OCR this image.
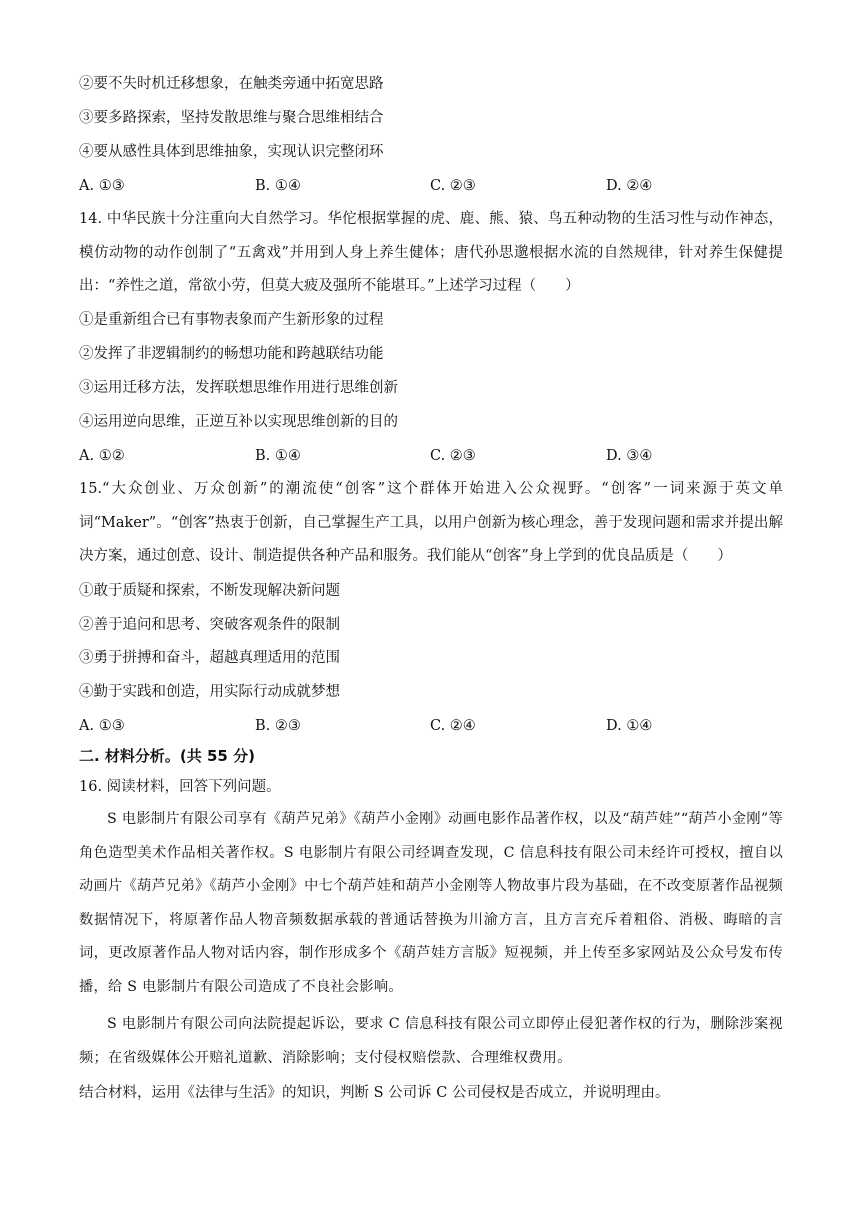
②要不失时机迁移想象，在触类旁通中拓宽思路
③要多路探索，坚持发散思维与聚合思维相结合
④要从感性具体到思维抽象，实现认识完整闭环
A. ①③	B. ①④	C. ②③	D. ②④
14. 中华民族十分注重向大自然学习。华佗根据掌握的虎、鹿、熊、猿、鸟五种动物的生活习性与动作神态，模仿动物的动作创制了“五禽戏”并用到人身上养生健体；唐代孙思邈根据水流的自然规律，针对养生保健提出：“养性之道，常欲小劳，但莫大疲及强所不能堪耳。”上述学习过程（　　）
①是重新组合已有事物表象而产生新形象的过程
②发挥了非逻辑制约的畅想功能和跨越联结功能
③运用迁移方法，发挥联想思维作用进行思维创新
④运用逆向思维，正逆互补以实现思维创新的目的
A. ①②	B. ①④	C. ②③	D. ③④
15.“大众创业、万众创新”的潮流使“创客”这个群体开始进入公众视野。“创客”一词来源于英文单词“Maker”。“创客”热衷于创新，自己掌握生产工具，以用户创新为核心理念，善于发现问题和需求并提出解决方案，通过创意、设计、制造提供各种产品和服务。我们能从“创客”身上学到的优良品质是（　　）
①敢于质疑和探索，不断发现解决新问题
②善于追问和思考、突破客观条件的限制
③勇于拼搏和奋斗，超越真理适用的范围
④勤于实践和创造，用实际行动成就梦想
A. ①③	B. ②③	C. ②④	D. ①④
二. 材料分析。(共 55 分)
16. 阅读材料，回答下列问题。
S 电影制片有限公司享有《葫芦兄弟》《葫芦小金刚》动画电影作品著作权，以及“葫芦娃”“葫芦小金刚”等角色造型美术作品相关著作权。S 电影制片有限公司经调查发现，C 信息科技有限公司未经许可授权，擅自以动画片《葫芦兄弟》《葫芦小金刚》中七个葫芦娃和葫芦小金刚等人物故事片段为基础，在不改变原著作品视频数据情况下，将原著作品人物音频数据承载的普通话替换为川渝方言，且方言充斥着粗俗、消极、晦暗的言词，更改原著作品人物对话内容，制作形成多个《葫芦娃方言版》短视频，并上传至多家网站及公众号发布传播，给 S 电影制片有限公司造成了不良社会影响。
S 电影制片有限公司向法院提起诉讼，要求 C 信息科技有限公司立即停止侵犯著作权的行为，删除涉案视频；在省级媒体公开赔礼道歉、消除影响；支付侵权赔偿款、合理维权费用。
结合材料，运用《法律与生活》的知识，判断 S 公司诉 C 公司侵权是否成立，并说明理由。
